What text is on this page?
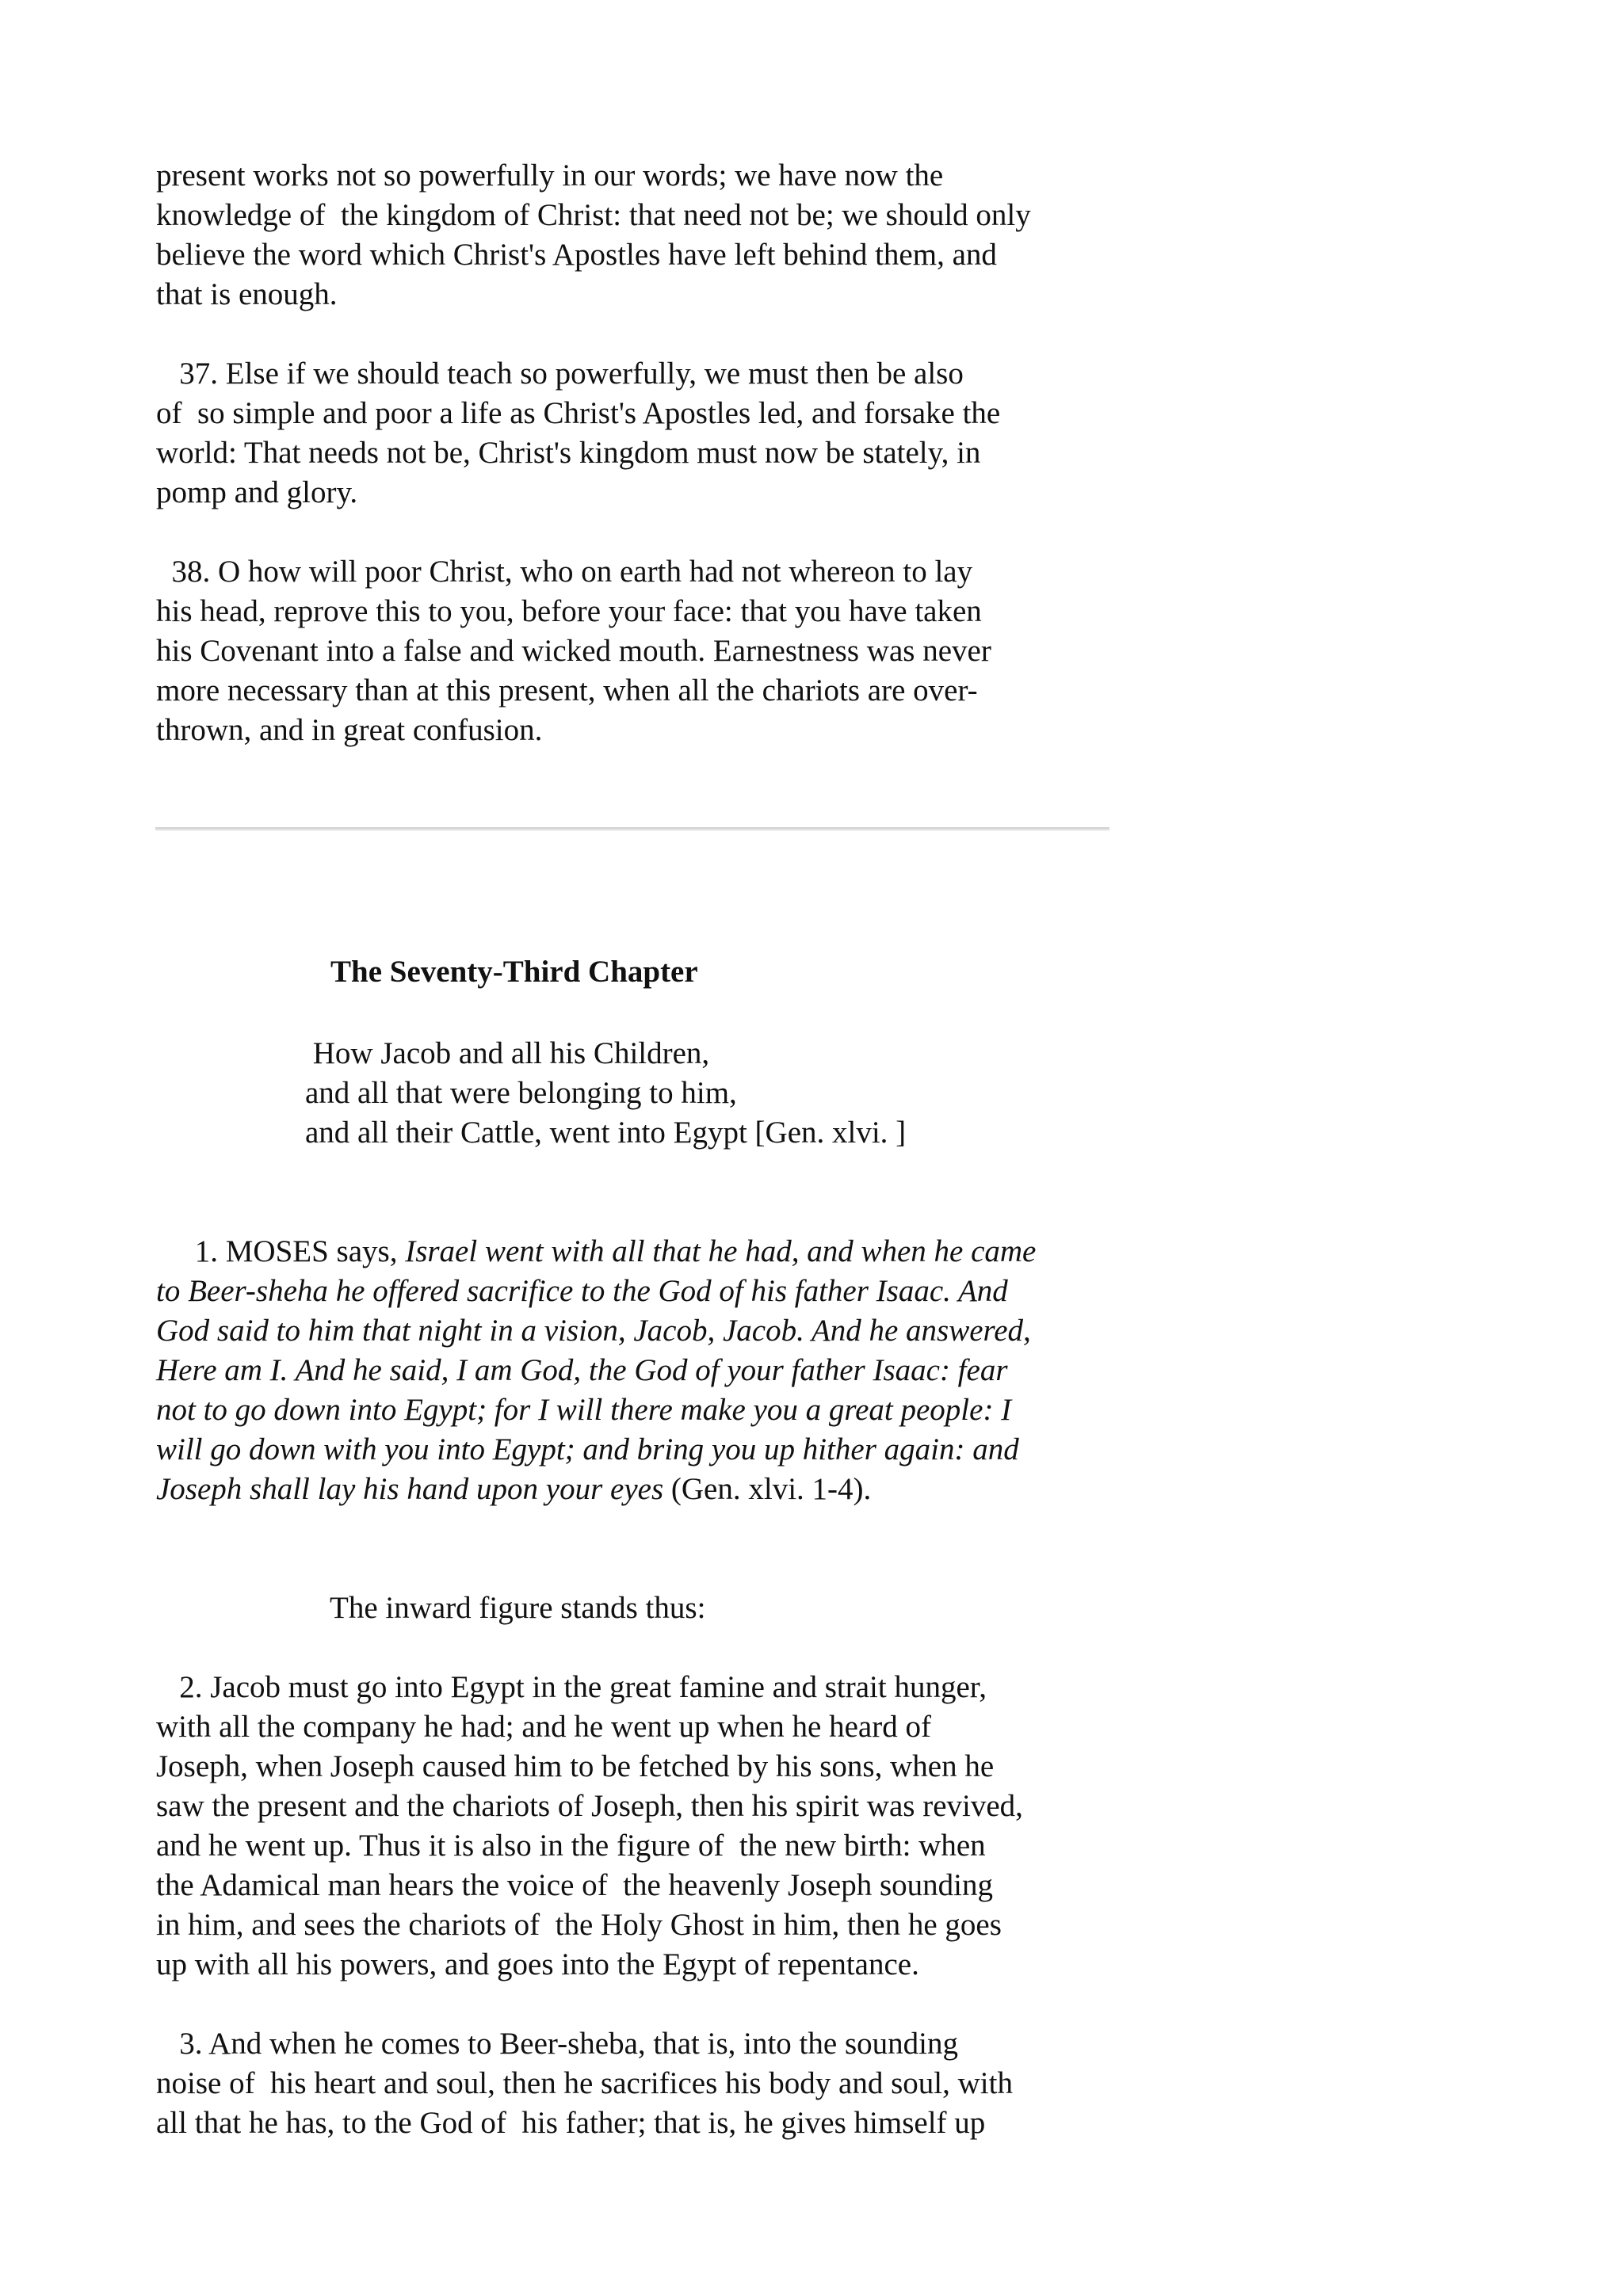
present works not so powerfully in our words; we have now the

knowledge of  the kingdom of Christ: that need not be; we should only

believe the word which Christ's Apostles have left behind them, and

that is enough.

37. Else if we should teach so powerfully, we must then be also

of  so simple and poor a life as Christ's Apostles led, and forsake the

world: That needs not be, Christ's kingdom must now be stately, in

pomp and glory.

38. O how will poor Christ, who on earth had not whereon to lay

his head, reprove this to you, before your face: that you have taken

his Covenant into a false and wicked mouth. Earnestness was never

more necessary than at this present, when all the chariots are over-

thrown, and in great confusion.

The Seventy-Third Chapter

How Jacob and all his Children,

and all that were belonging to him,

and all their Cattle, went into Egypt [Gen. xlvi. ]

1. MOSES says, Israel went with all that he had, and when he came

to Beer-sheha he offered sacrifice to the God of his father Isaac. And

God said to him that night in a vision, Jacob, Jacob. And he answered,

Here am I. And he said, I am God, the God of your father Isaac: fear

not to go down into Egypt; for I will there make you a great people: I

will go down with you into Egypt; and bring you up hither again: and

Joseph shall lay his hand upon your eyes (Gen. xlvi. 1-4).

The inward figure stands thus:

2. Jacob must go into Egypt in the great famine and strait hunger,

with all the company he had; and he went up when he heard of

Joseph, when Joseph caused him to be fetched by his sons, when he

saw the present and the chariots of Joseph, then his spirit was revived,

and he went up. Thus it is also in the figure of  the new birth: when

the Adamical man hears the voice of  the heavenly Joseph sounding

in him, and sees the chariots of  the Holy Ghost in him, then he goes

up with all his powers, and goes into the Egypt of repentance.

3. And when he comes to Beer-sheba, that is, into the sounding

noise of  his heart and soul, then he sacrifices his body and soul, with

all that he has, to the God of  his father; that is, he gives himself up
